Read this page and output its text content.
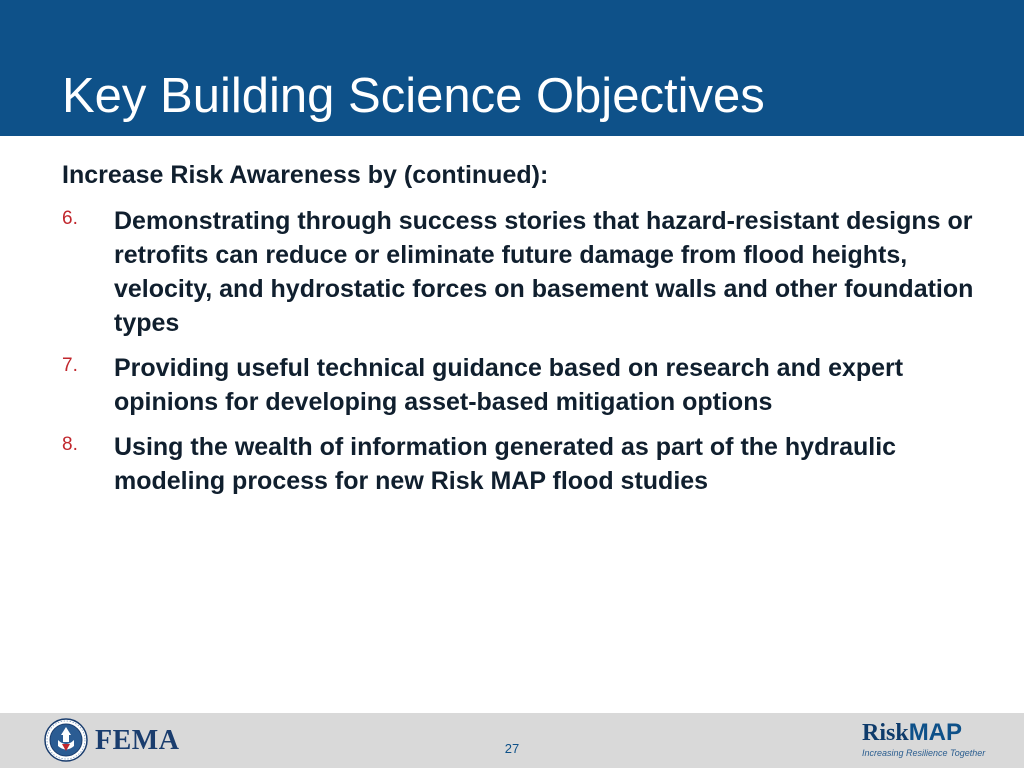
Key Building Science Objectives
Increase Risk Awareness by (continued):
6. Demonstrating through success stories that hazard-resistant designs or retrofits can reduce or eliminate future damage from flood heights, velocity, and hydrostatic forces on basement walls and other foundation types
7. Providing useful technical guidance based on research and expert opinions for developing asset-based mitigation options
8. Using the wealth of information generated as part of the hydraulic modeling process for new Risk MAP flood studies
FEMA	27
RiskMAP
Increasing Resilience Together
